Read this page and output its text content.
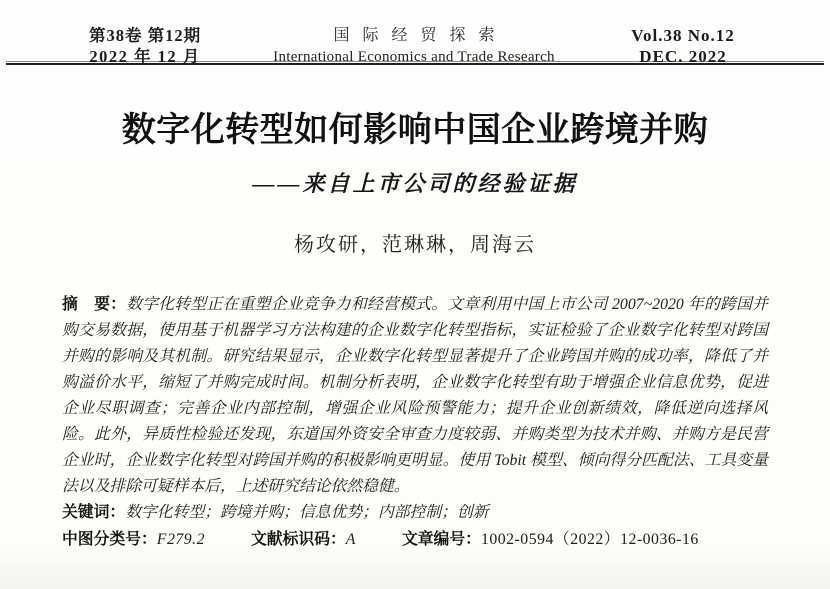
第38卷 第12期
2022 年 12 月
国际经贸探索
International Economics and Trade Research
Vol.38 No.12
DEC. 2022
数字化转型如何影响中国企业跨境并购
——来自上市公司的经验证据
杨攻研，范琳琳，周海云

摘　要：数字化转型正在重塑企业竞争力和经营模式。文章利用中国上市公司 2007~2020 年的跨国并购交易数据，使用基于机器学习方法构建的企业数字化转型指标，实证检验了企业数字化转型对跨国并购的影响及其机制。研究结果显示，企业数字化转型显著提升了企业跨国并购的成功率，降低了并购溢价水平，缩短了并购完成时间。机制分析表明，企业数字化转型有助于增强企业信息优势，促进企业尽职调查；完善企业内部控制，增强企业风险预警能力；提升企业创新绩效，降低逆向选择风险。此外，异质性检验还发现，东道国外资安全审查力度较弱、并购类型为技术并购、并购方是民营企业时，企业数字化转型对跨国并购的积极影响更明显。使用 Tobit 模型、倾向得分匹配法、工具变量法以及排除可疑样本后，上述研究结论依然稳健。

关键词：数字化转型；跨境并购；信息优势；内部控制；创新

中图分类号：F279.2	文献标识码：A	文章编号：1002-0594（2022）12-0036-16
